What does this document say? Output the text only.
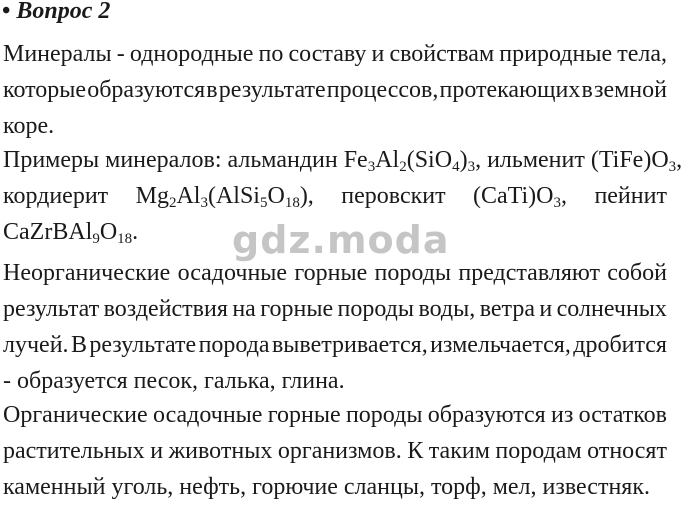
• Вопрос 2
Минералы - однородные по составу и свойствам природные тела,
которые образуются в результате процессов, протекающих в земной
коре.
Примеры минералов: альмандин $Fe_3Al_2(SiO_4)_3$, ильменит $(TiFe)O_3$,
кордиерит $Mg_2Al_3(AlSi_5O_{18})$, перовскит $(CaTi)O_3$, пейнит
$CaZrBAl_9O_{18}$.
Неорганические осадочные горные породы представляют собой
результат воздействия на горные породы воды, ветра и солнечных
лучей. В результате порода выветривается, измельчается, дробится
- образуется песок, галька, глина.
Органические осадочные горные породы образуются из остатков
растительных и животных организмов. К таким породам относят
каменный уголь, нефть, горючие сланцы, торф, мел, известняк.
gdz.moda
